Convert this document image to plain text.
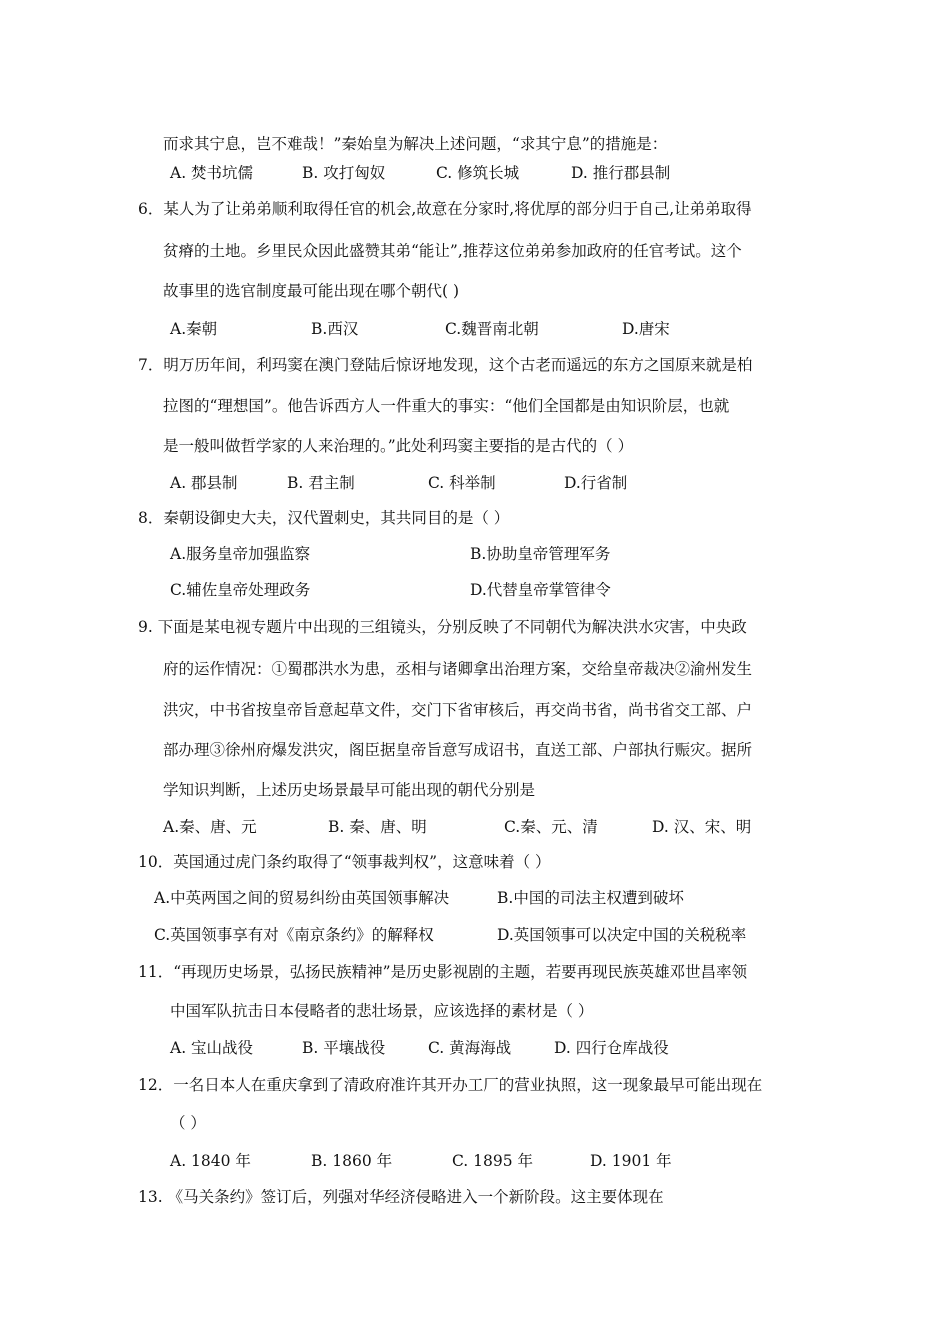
而求其宁息，岂不难哉！”秦始皇为解决上述问题，“求其宁息”的措施是：
A. 焚书坑儒	B. 攻打匈奴	C. 修筑长城	D. 推行郡县制
6．某人为了让弟弟顺利取得任官的机会,故意在分家时,将优厚的部分归于自己,让弟弟取得
贫瘠的土地。乡里民众因此盛赞其弟“能让”,推荐这位弟弟参加政府的任官考试。这个
故事里的选官制度最可能出现在哪个朝代( )
A.秦朝	B.西汉	C.魏晋南北朝	D.唐宋
7．明万历年间，利玛窦在澳门登陆后惊讶地发现，这个古老而遥远的东方之国原来就是柏
拉图的“理想国”。他告诉西方人一件重大的事实：“他们全国都是由知识阶层，也就
是一般叫做哲学家的人来治理的。”此处利玛窦主要指的是古代的（ ）
A. 郡县制	B. 君主制	C. 科举制	D.行省制
8．秦朝设御史大夫，汉代置刺史，其共同目的是（ ）
A.服务皇帝加强监察	B.协助皇帝管理军务
C.辅佐皇帝处理政务	D.代替皇帝掌管律令
9. 下面是某电视专题片中出现的三组镜头，分别反映了不同朝代为解决洪水灾害，中央政
府的运作情况：①蜀郡洪水为患，丞相与诸卿拿出治理方案，交给皇帝裁决②渝州发生
洪灾，中书省按皇帝旨意起草文件，交门下省审核后，再交尚书省，尚书省交工部、户
部办理③徐州府爆发洪灾，阁臣据皇帝旨意写成诏书，直送工部、户部执行赈灾。据所
学知识判断，上述历史场景最早可能出现的朝代分别是
A.秦、唐、元	B. 秦、唐、明	C.秦、元、清	D. 汉、宋、明
10．英国通过虎门条约取得了“领事裁判权”，这意味着（ ）
A.中英两国之间的贸易纠纷由英国领事解决	B.中国的司法主权遭到破坏
C.英国领事享有对《南京条约》的解释权	D.英国领事可以决定中国的关税税率
11．“再现历史场景，弘扬民族精神”是历史影视剧的主题，若要再现民族英雄邓世昌率领
中国军队抗击日本侵略者的悲壮场景，应该选择的素材是（ ）
A. 宝山战役	B. 平壤战役	C. 黄海海战	D. 四行仓库战役
12．一名日本人在重庆拿到了清政府准许其开办工厂的营业执照，这一现象最早可能出现在
（ ）
A. 1840 年	B. 1860 年	C. 1895 年	D. 1901 年
13. 《马关条约》签订后，列强对华经济侵略进入一个新阶段。这主要体现在
